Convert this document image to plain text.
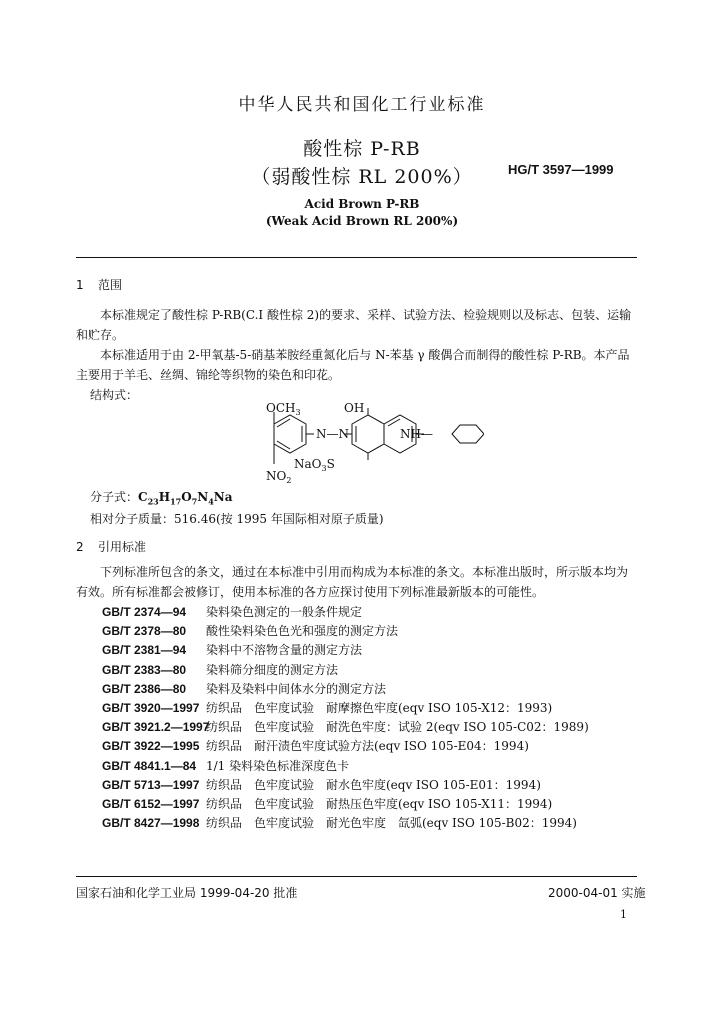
中华人民共和国化工行业标准
酸性棕 P-RB
（弱酸性棕 RL 200%）	HG/T 3597—1999
Acid Brown P-RB
(Weak Acid Brown RL 200%)
1 范围
本标准规定了酸性棕 P-RB(C.I 酸性棕 2)的要求、采样、试验方法、检验规则以及标志、包装、运输和贮存。
本标准适用于由 2-甲氧基-5-硝基苯胺经重氮化后与 N-苯基 γ 酸偶合而制得的酸性棕 P-RB。本产品主要用于羊毛、丝绸、锦纶等织物的染色和印花。
结构式：
$OCH_3$	OH
N—N	NH—
NaO$_3$S
$NO_2$
分子式：$C_{23}H_{17}O_7N_4Na$
相对分子质量：516.46(按 1995 年国际相对原子质量)
2 引用标准
下列标准所包含的条文，通过在本标准中引用而构成为本标准的条文。本标准出版时，所示版本均为有效。所有标准都会被修订，使用本标准的各方应探讨使用下列标准最新版本的可能性。
GB/T 2374—94 染料染色测定的一般条件规定
GB/T 2378—80 酸性染料染色色光和强度的测定方法
GB/T 2381—94 染料中不溶物含量的测定方法
GB/T 2383—80 染料筛分细度的测定方法
GB/T 2386—80 染料及染料中间体水分的测定方法
GB/T 3920—1997 纺织品　色牢度试验　耐摩擦色牢度(eqv ISO 105-X12：1993)
GB/T 3921.2—1997纺织品　色牢度试验　耐洗色牢度：试验 2(eqv ISO 105-C02：1989)
GB/T 3922—1995 纺织品　耐汗渍色牢度试验方法(eqv ISO 105-E04：1994)
GB/T 4841.1—84 1/1 染料染色标准深度色卡
GB/T 5713—1997 纺织品　色牢度试验　耐水色牢度(eqv ISO 105-E01：1994)
GB/T 6152—1997 纺织品　色牢度试验　耐热压色牢度(eqv ISO 105-X11：1994)
GB/T 8427—1998 纺织品　色牢度试验　耐光色牢度　氙弧(eqv ISO 105-B02：1994)
国家石油和化学工业局 1999-04-20 批准	2000-04-01 实施
1
